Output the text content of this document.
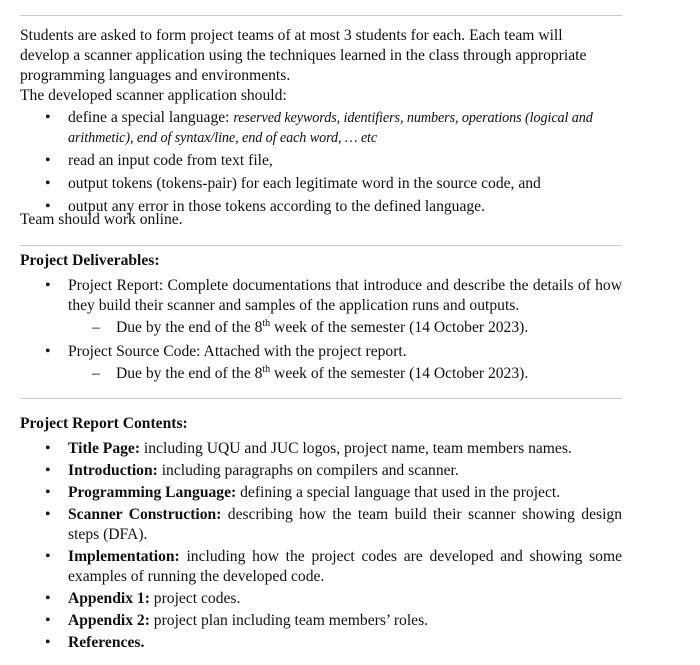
Students are asked to form project teams of at most 3 students for each. Each team will
develop a scanner application using the techniques learned in the class through appropriate
programming languages and environments.
The developed scanner application should:
• define a special language: reserved keywords, identifiers, numbers, operations (logical and
arithmetic), end of syntax/line, end of each word, … etc
• read an input code from text file,
• output tokens (tokens-pair) for each legitimate word in the source code, and
• output any error in those tokens according to the defined language.
Team should work online.
Project Deliverables:
• Project Report: Complete documentations that introduce and describe the details of how they build their scanner and samples of the application runs and outputs.
– Due by the end of the 8th week of the semester (14 October 2023).
• Project Source Code: Attached with the project report.
– Due by the end of the 8th week of the semester (14 October 2023).
Project Report Contents:
• Title Page: including UQU and JUC logos, project name, team members names.
• Introduction: including paragraphs on compilers and scanner.
• Programming Language: defining a special language that used in the project.
• Scanner Construction: describing how the team build their scanner showing design steps (DFA).
• Implementation: including how the project codes are developed and showing some examples of running the developed code.
• Appendix 1: project codes.
• Appendix 2: project plan including team members’ roles.
• References.
